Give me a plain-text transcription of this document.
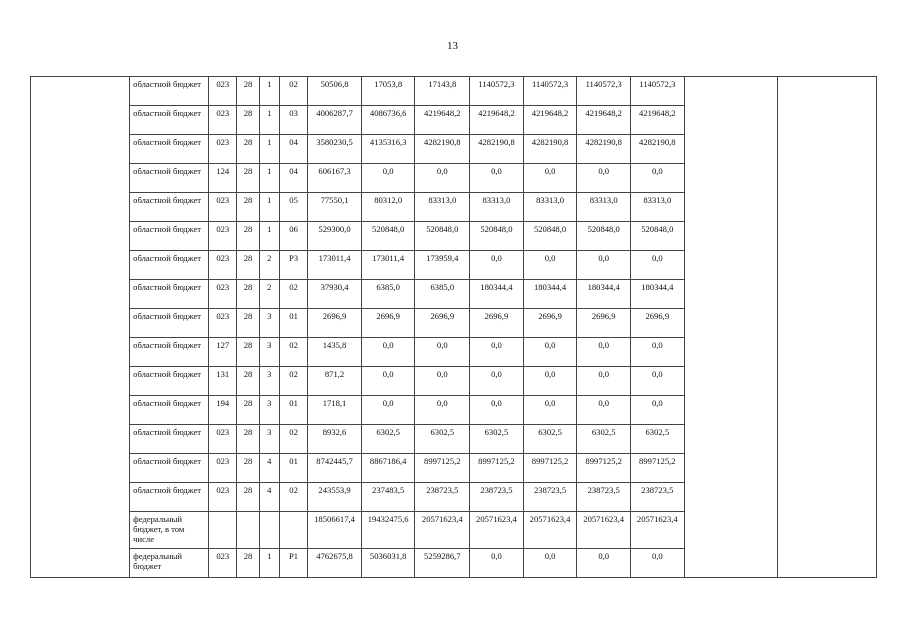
13
	областной бюджет	023	28	1	02	50506,8	17053,8	17143,8	1140572,3	1140572,3	1140572,3	1140572,3		
	областной бюджет	023	28	1	03	4006287,7	4086736,6	4219648,2	4219648,2	4219648,2	4219648,2	4219648,2		
	областной бюджет	023	28	1	04	3580230,5	4135316,3	4282190,8	4282190,8	4282190,8	4282190,8	4282190,8		
	областной бюджет	124	28	1	04	606167,3	0,0	0,0	0,0	0,0	0,0	0,0		
	областной бюджет	023	28	1	05	77550,1	80312,0	83313,0	83313,0	83313,0	83313,0	83313,0		
	областной бюджет	023	28	1	06	529300,0	520848,0	520848,0	520848,0	520848,0	520848,0	520848,0		
	областной бюджет	023	28	2	P3	173011,4	173011,4	173959,4	0,0	0,0	0,0	0,0		
	областной бюджет	023	28	2	02	37930,4	6385,0	6385,0	180344,4	180344,4	180344,4	180344,4		
	областной бюджет	023	28	3	01	2696,9	2696,9	2696,9	2696,9	2696,9	2696,9	2696,9		
	областной бюджет	127	28	3	02	1435,8	0,0	0,0	0,0	0,0	0,0	0,0		
	областной бюджет	131	28	3	02	871,2	0,0	0,0	0,0	0,0	0,0	0,0		
	областной бюджет	194	28	3	01	1718,1	0,0	0,0	0,0	0,0	0,0	0,0		
	областной бюджет	023	28	3	02	8932,6	6302,5	6302,5	6302,5	6302,5	6302,5	6302,5		
	областной бюджет	023	28	4	01	8742445,7	8867186,4	8997125,2	8997125,2	8997125,2	8997125,2	8997125,2		
	областной бюджет	023	28	4	02	243553,9	237483,5	238723,5	238723,5	238723,5	238723,5	238723,5		
	федеральный бюджет, в том числе					18506617,4	19432475,6	20571623,4	20571623,4	20571623,4	20571623,4	20571623,4		
	федеральный бюджет	023	28	1	P1	4762675,8	5036031,8	5259286,7	0,0	0,0	0,0	0,0		
